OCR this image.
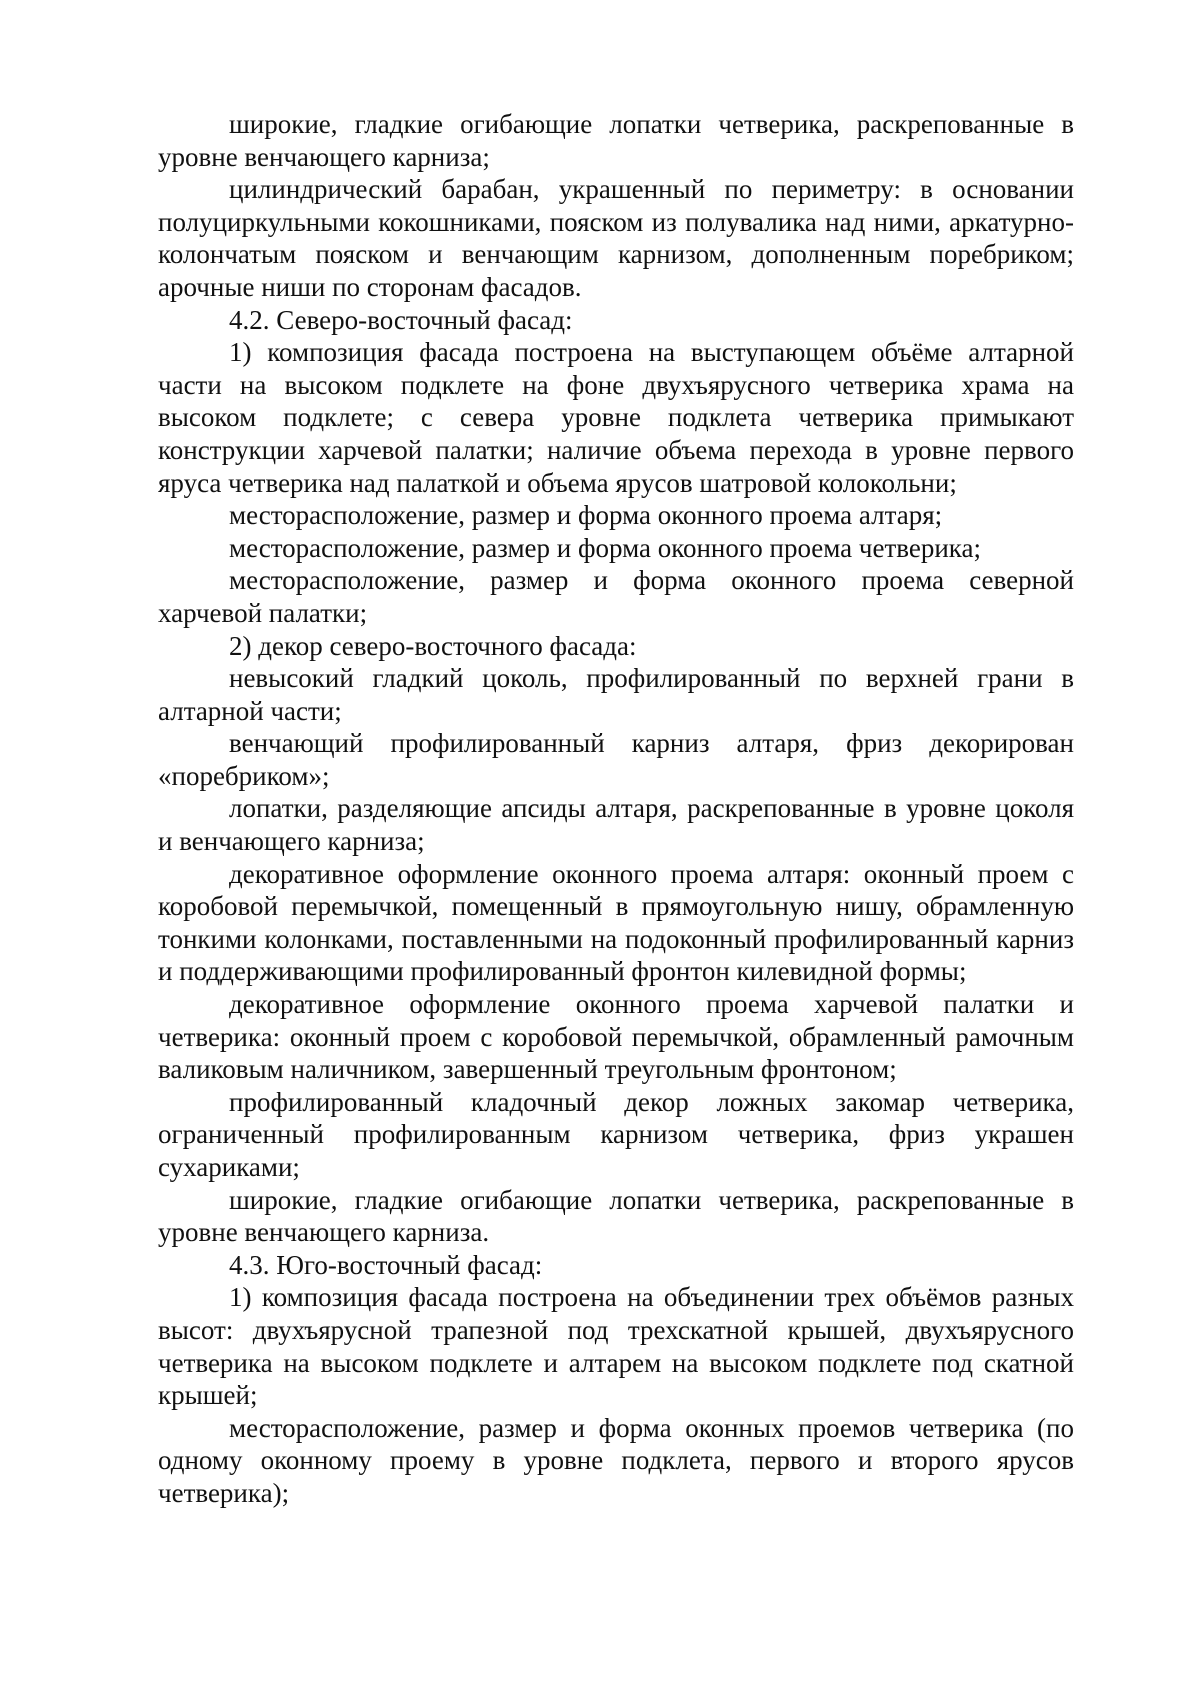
широкие, гладкие огибающие лопатки четверика, раскрепованные в уровне венчающего карниза;

цилиндрический барабан, украшенный по периметру: в основании полуциркульными кокошниками, пояском из полувалика над ними, аркатурно-колончатым пояском и венчающим карнизом, дополненным поребриком; арочные ниши по сторонам фасадов.

4.2. Северо-восточный фасад:

1) композиция фасада построена на выступающем объёме алтарной части на высоком подклете на фоне двухъярусного четверика храма на высоком подклете; с севера уровне подклета четверика примыкают конструкции харчевой палатки; наличие объема перехода в уровне первого яруса четверика над палаткой и объема ярусов шатровой колокольни;

месторасположение, размер и форма оконного проема алтаря;

месторасположение, размер и форма оконного проема четверика;

месторасположение, размер и форма оконного проема северной харчевой палатки;

2) декор северо-восточного фасада:

невысокий гладкий цоколь, профилированный по верхней грани в алтарной части;

венчающий профилированный карниз алтаря, фриз декорирован «поребриком»;

лопатки, разделяющие апсиды алтаря, раскрепованные в уровне цоколя и венчающего карниза;

декоративное оформление оконного проема алтаря: оконный проем с коробовой перемычкой, помещенный в прямоугольную нишу, обрамленную тонкими колонками, поставленными на подоконный профилированный карниз и поддерживающими профилированный фронтон килевидной формы;

декоративное оформление оконного проема харчевой палатки и четверика: оконный проем с коробовой перемычкой, обрамленный рамочным валиковым наличником, завершенный треугольным фронтоном;

профилированный кладочный декор ложных закомар четверика, ограниченный профилированным карнизом четверика, фриз украшен сухариками;

широкие, гладкие огибающие лопатки четверика, раскрепованные в уровне венчающего карниза.

4.3. Юго-восточный фасад:

1) композиция фасада построена на объединении трех объёмов разных высот: двухъярусной трапезной под трехскатной крышей, двухъярусного четверика на высоком подклете и алтарем на высоком подклете под скатной крышей;

месторасположение, размер и форма оконных проемов четверика (по одному оконному проему в уровне подклета, первого и второго ярусов четверика);
